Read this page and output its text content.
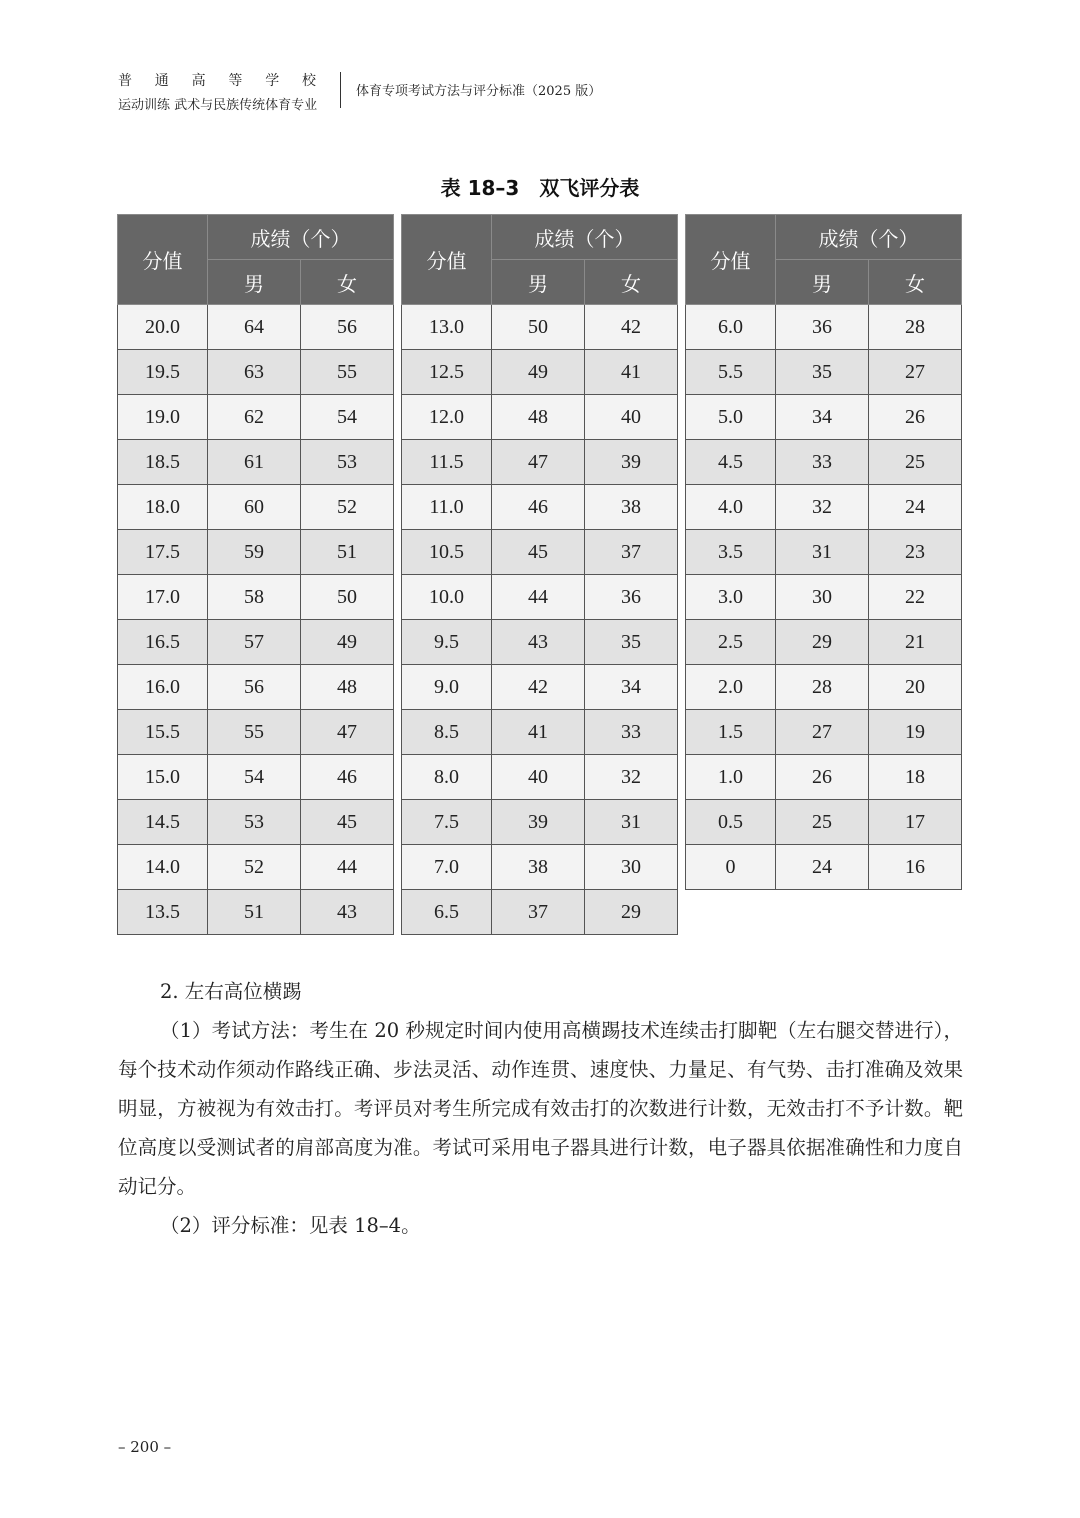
普 通 高 等 学 校
运动训练 武术与民族传统体育专业
体育专项考试方法与评分标准（2025 版）
表 18–3　双飞评分表
分值	成绩（个）	
	男	女
20.0	64	56
19.5	63	55
19.0	62	54
18.5	61	53
18.0	60	52
17.5	59	51
17.0	58	50
16.5	57	49
16.0	56	48
15.5	55	47
15.0	54	46
14.5	53	45
14.0	52	44
13.5	51	43
分值	成绩（个）	
	男	女
13.0	50	42
12.5	49	41
12.0	48	40
11.5	47	39
11.0	46	38
10.5	45	37
10.0	44	36
9.5	43	35
9.0	42	34
8.5	41	33
8.0	40	32
7.5	39	31
7.0	38	30
6.5	37	29
分值	成绩（个）	
	男	女
6.0	36	28
5.5	35	27
5.0	34	26
4.5	33	25
4.0	32	24
3.5	31	23
3.0	30	22
2.5	29	21
2.0	28	20
1.5	27	19
1.0	26	18
0.5	25	17
0	24	16
2. 左右高位横踢
（1）考试方法：考生在 20 秒规定时间内使用高横踢技术连续击打脚靶（左右腿交替进行），每个技术动作须动作路线正确、步法灵活、动作连贯、速度快、力量足、有气势、击打准确及效果明显，方被视为有效击打。考评员对考生所完成有效击打的次数进行计数，无效击打不予计数。靶位高度以受测试者的肩部高度为准。考试可采用电子器具进行计数，电子器具依据准确性和力度自动记分。
（2）评分标准：见表 18–4。
– 200 –
